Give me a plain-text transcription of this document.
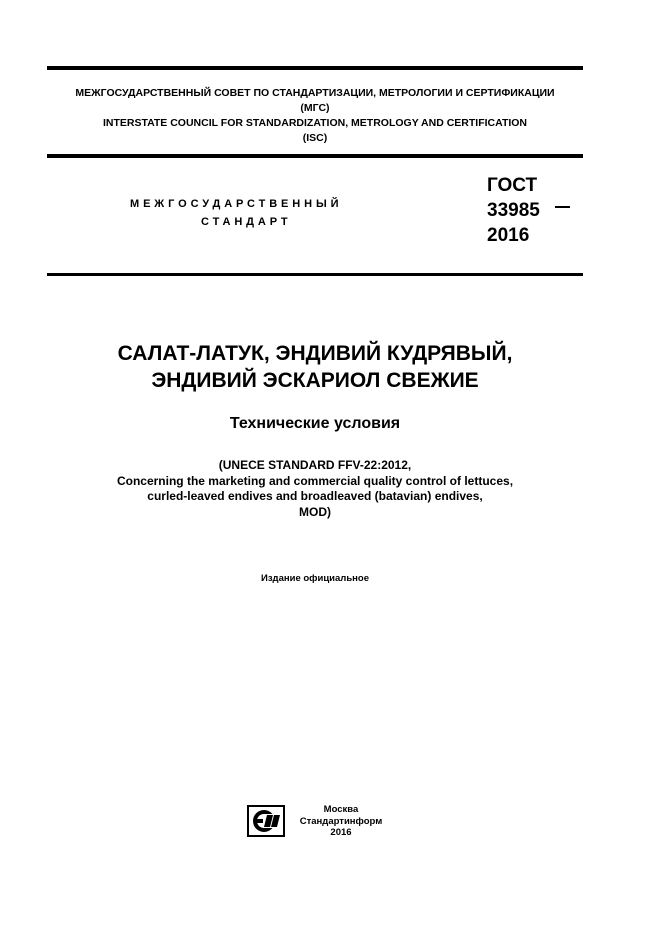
МЕЖГОСУДАРСТВЕННЫЙ СОВЕТ ПО СТАНДАРТИЗАЦИИ, МЕТРОЛОГИИ И СЕРТИФИКАЦИИ
(МГС)
INTERSTATE COUNCIL FOR STANDARDIZATION, METROLOGY AND CERTIFICATION
(ISC)
МЕЖГОСУДАРСТВЕННЫЙ
СТАНДАРТ
ГОСТ
33985
2016
САЛАТ-ЛАТУК, ЭНДИВИЙ КУДРЯВЫЙ,
ЭНДИВИЙ ЭСКАРИОЛ СВЕЖИЕ
Технические условия
(UNECE STANDARD FFV-22:2012,
Concerning the marketing and commercial quality control of lettuces,
curled-leaved endives and broadleaved (batavian) endives,
MOD)
Издание официальное
Москва
Стандартинформ
2016
